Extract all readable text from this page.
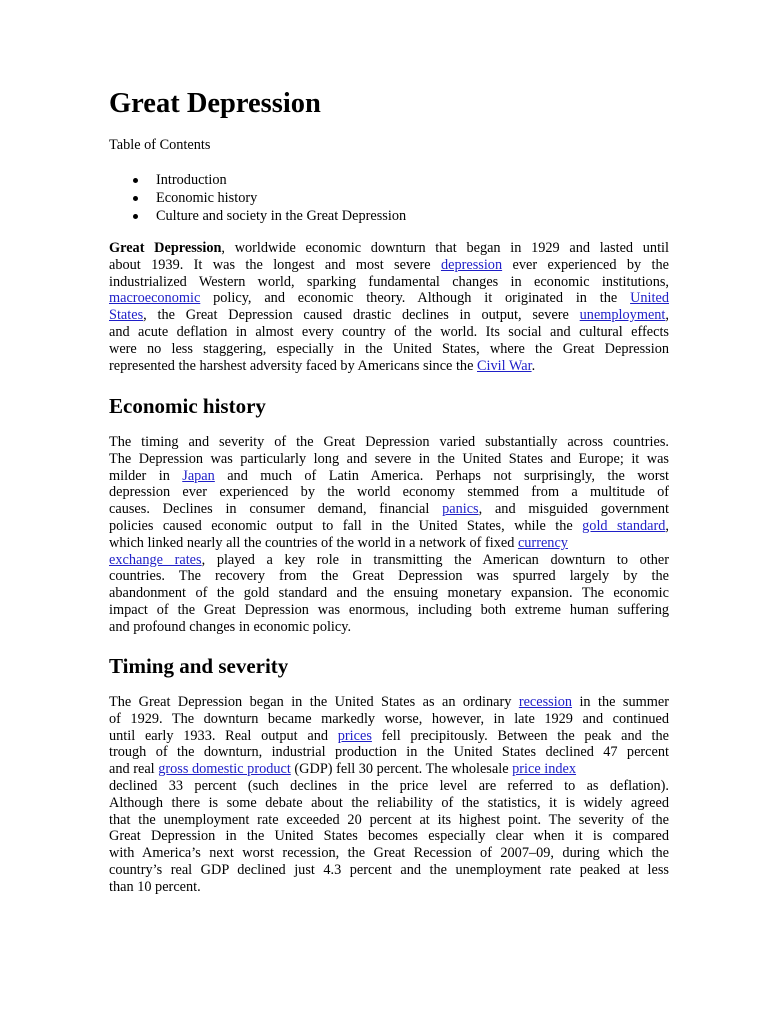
Great Depression
Table of Contents
Introduction
Economic history
Culture and society in the Great Depression
Great Depression, worldwide economic downturn that began in 1929 and lasted until
about 1939. It was the longest and most severe depression ever experienced by the
industrialized Western world, sparking fundamental changes in economic institutions,
macroeconomic policy, and economic theory. Although it originated in the United
States, the Great Depression caused drastic declines in output, severe unemployment,
and acute deflation in almost every country of the world. Its social and cultural effects
were no less staggering, especially in the United States, where the Great Depression
represented the harshest adversity faced by Americans since the Civil War.
Economic history
The timing and severity of the Great Depression varied substantially across countries.
The Depression was particularly long and severe in the United States and Europe; it was
milder in Japan and much of Latin America. Perhaps not surprisingly, the worst
depression ever experienced by the world economy stemmed from a multitude of
causes. Declines in consumer demand, financial panics, and misguided government
policies caused economic output to fall in the United States, while the gold standard,
which linked nearly all the countries of the world in a network of fixed currency
exchange rates, played a key role in transmitting the American downturn to other
countries. The recovery from the Great Depression was spurred largely by the
abandonment of the gold standard and the ensuing monetary expansion. The economic
impact of the Great Depression was enormous, including both extreme human suffering
and profound changes in economic policy.
Timing and severity
The Great Depression began in the United States as an ordinary recession in the summer
of 1929. The downturn became markedly worse, however, in late 1929 and continued
until early 1933. Real output and prices fell precipitously. Between the peak and the
trough of the downturn, industrial production in the United States declined 47 percent
and real gross domestic product (GDP) fell 30 percent. The wholesale price index
declined 33 percent (such declines in the price level are referred to as deflation).
Although there is some debate about the reliability of the statistics, it is widely agreed
that the unemployment rate exceeded 20 percent at its highest point. The severity of the
Great Depression in the United States becomes especially clear when it is compared
with America’s next worst recession, the Great Recession of 2007–09, during which the
country’s real GDP declined just 4.3 percent and the unemployment rate peaked at less
than 10 percent.
